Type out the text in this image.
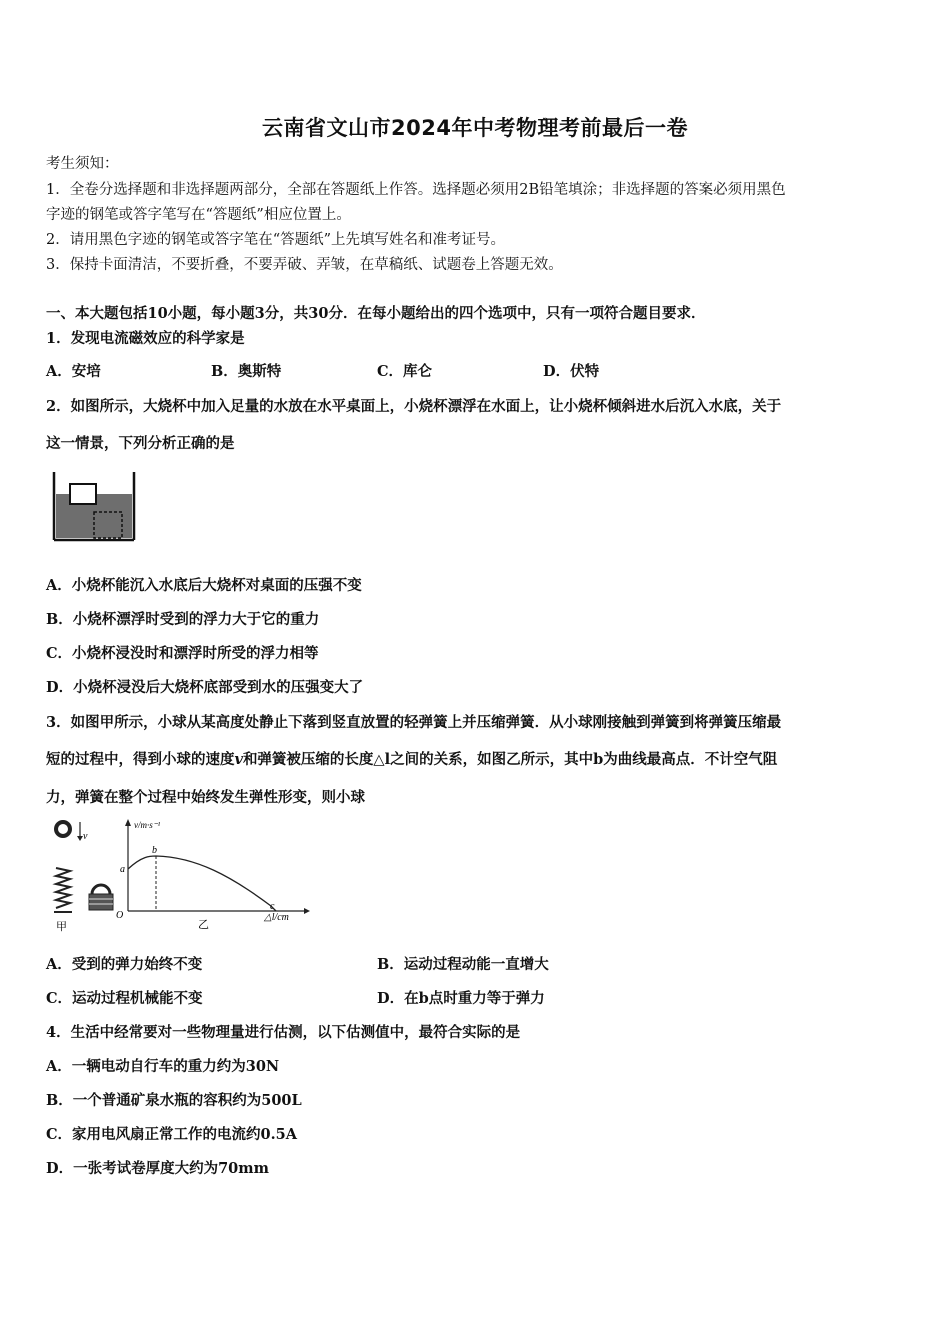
云南省文山市2024年中考物理考前最后一卷
考生须知：
1．全卷分选择题和非选择题两部分，全部在答题纸上作答。选择题必须用2B铅笔填涂；非选择题的答案必须用黑色
字迹的钢笔或答字笔写在“答题纸”相应位置上。
2．请用黑色字迹的钢笔或答字笔在“答题纸”上先填写姓名和准考证号。
3．保持卡面清洁，不要折叠，不要弄破、弄皱，在草稿纸、试题卷上答题无效。
一、本大题包括10小题，每小题3分，共30分．在每小题给出的四个选项中，只有一项符合题目要求．
1．发现电流磁效应的科学家是
A．安培	B．奥斯特	C．库仑	D．伏特
2．如图所示，大烧杯中加入足量的水放在水平桌面上，小烧杯漂浮在水面上，让小烧杯倾斜进水后沉入水底，关于
这一情景，下列分析正确的是
A．小烧杯能沉入水底后大烧杯对桌面的压强不变
B．小烧杯漂浮时受到的浮力大于它的重力
C．小烧杯浸没时和漂浮时所受的浮力相等
D．小烧杯浸没后大烧杯底部受到水的压强变大了
3．如图甲所示，小球从某高度处静止下落到竖直放置的轻弹簧上并压缩弹簧．从小球刚接触到弹簧到将弹簧压缩最
短的过程中，得到小球的速度v和弹簧被压缩的长度△l之间的关系，如图乙所示，其中b为曲线最高点．不计空气阻
力，弹簧在整个过程中始终发生弹性形变，则小球
v
甲
v/m·s⁻¹
O
a
b
c
△l/cm
乙
A．受到的弹力始终不变	B．运动过程动能一直增大
C．运动过程机械能不变	D．在b点时重力等于弹力
4．生活中经常要对一些物理量进行估测，以下估测值中，最符合实际的是
A．一辆电动自行车的重力约为30N
B．一个普通矿泉水瓶的容积约为500L
C．家用电风扇正常工作的电流约0.5A
D．一张考试卷厚度大约为70mm
